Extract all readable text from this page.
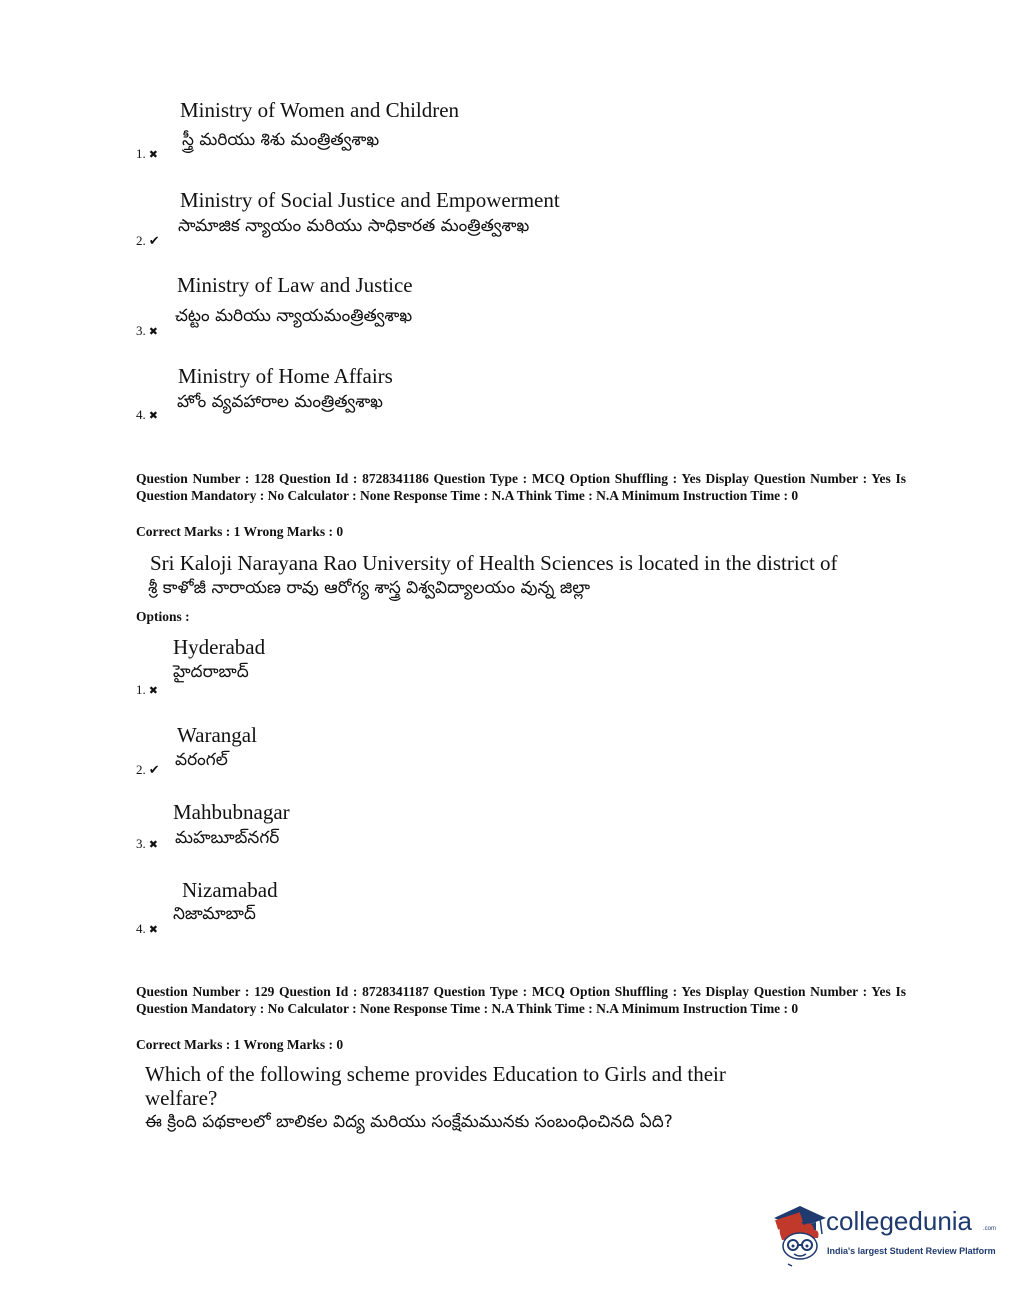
Ministry of Women and Children
స్త్రీ మరియు శిశు మంత్రిత్వశాఖ
1. ✖
Ministry of Social Justice and Empowerment
సామాజిక న్యాయం మరియు సాధికారత మంత్రిత్వశాఖ
2. ✔
Ministry of Law and Justice
చట్టం మరియు న్యాయమంత్రిత్వశాఖ
3. ✖
Ministry of Home Affairs
హోం వ్యవహారాల మంత్రిత్వశాఖ
4. ✖
Question Number : 128 Question Id : 8728341186 Question Type : MCQ Option Shuffling : Yes Display Question Number : Yes Is Question Mandatory : No Calculator : None Response Time : N.A Think Time : N.A Minimum Instruction Time : 0
Correct Marks : 1 Wrong Marks : 0
Sri Kaloji Narayana Rao University of Health Sciences is located in the district of
శ్రీ కాళోజీ నారాయణ రావు ఆరోగ్య శాస్త్ర విశ్వవిద్యాలయం వున్న జిల్లా
Options :
Hyderabad
హైదరాబాద్
1. ✖
Warangal
వరంగల్
2. ✔
Mahbubnagar
మహబూబ్‌నగర్
3. ✖
Nizamabad
నిజామాబాద్
4. ✖
Question Number : 129 Question Id : 8728341187 Question Type : MCQ Option Shuffling : Yes Display Question Number : Yes Is Question Mandatory : No Calculator : None Response Time : N.A Think Time : N.A Minimum Instruction Time : 0
Correct Marks : 1 Wrong Marks : 0
Which of the following scheme provides Education to Girls and their welfare?
ఈ క్రింది పథకాలలో బాలికల విద్య మరియు సంక్షేమమునకు సంబంధించినది ఏది?
collegedunia .com
India's largest Student Review Platform
